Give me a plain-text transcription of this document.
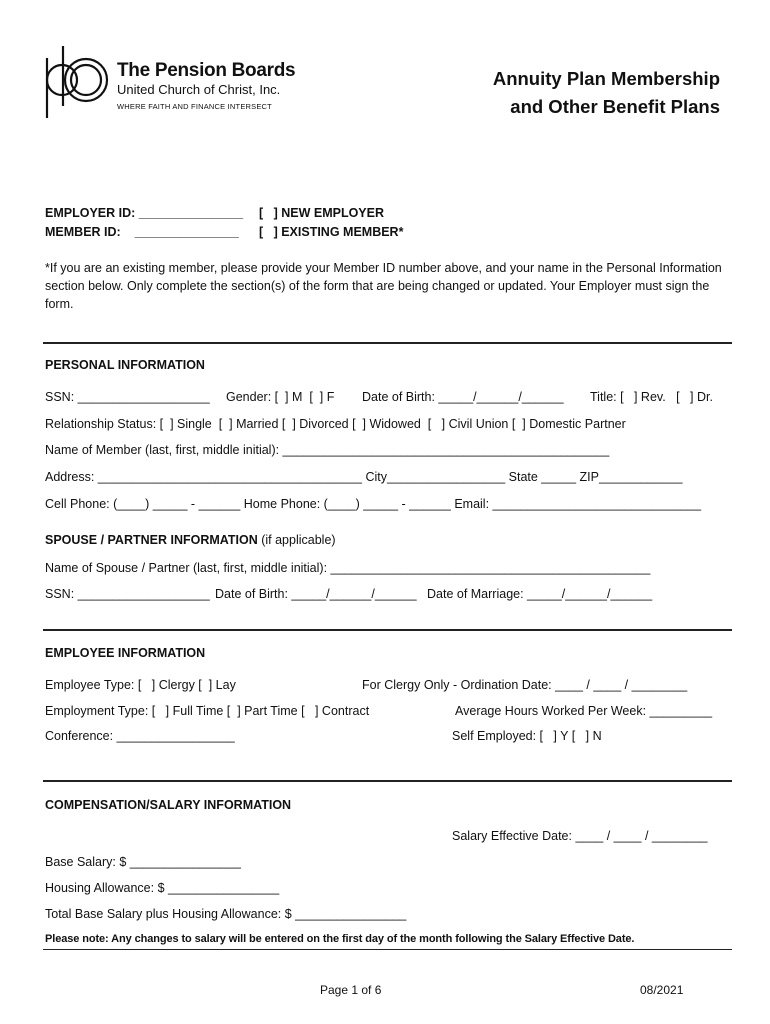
The Pension Boards
United Church of Christ, Inc.
WHERE FAITH AND FINANCE INTERSECT
Annuity Plan Membership
and Other Benefit Plans
EMPLOYER ID: _______________
MEMBER ID:    _______________
[   ] NEW EMPLOYER
[   ] EXISTING MEMBER*
*If you are an existing member, please provide your Member ID number above, and your name in the Personal Information section below. Only complete the section(s) of the form that are being changed or updated. Your Employer must sign the form.
PERSONAL INFORMATION
SSN: ___________________ Gender: [  ] M  [  ] F Date of Birth: _____/______/______ Title: [   ] Rev.   [   ] Dr.
Relationship Status: [  ] Single  [  ] Married [  ] Divorced [  ] Widowed  [   ] Civil Union [  ] Domestic Partner
Name of Member (last, first, middle initial): _______________________________________________
Address: ______________________________________ City_________________ State _____ ZIP____________
Cell Phone: (____) _____ - ______ Home Phone: (____) _____ - ______ Email: ______________________________
SPOUSE / PARTNER INFORMATION (if applicable)
Name of Spouse / Partner (last, first, middle initial): ______________________________________________
SSN: ___________________ Date of Birth: _____/______/______ Date of Marriage: _____/______/______
EMPLOYEE INFORMATION
Employee Type: [   ] Clergy [  ] Lay	For Clergy Only - Ordination Date: ____ / ____ / ________
Employment Type: [   ] Full Time [  ] Part Time [   ] Contract	Average Hours Worked Per Week: _________
Conference: _________________	Self Employed: [   ] Y [   ] N
COMPENSATION/SALARY INFORMATION
Salary Effective Date: ____ / ____ / ________
Base Salary: $ ________________
Housing Allowance: $ ________________
Total Base Salary plus Housing Allowance: $ ________________
Please note: Any changes to salary will be entered on the first day of the month following the Salary Effective Date.
Page 1 of 6	08/2021
